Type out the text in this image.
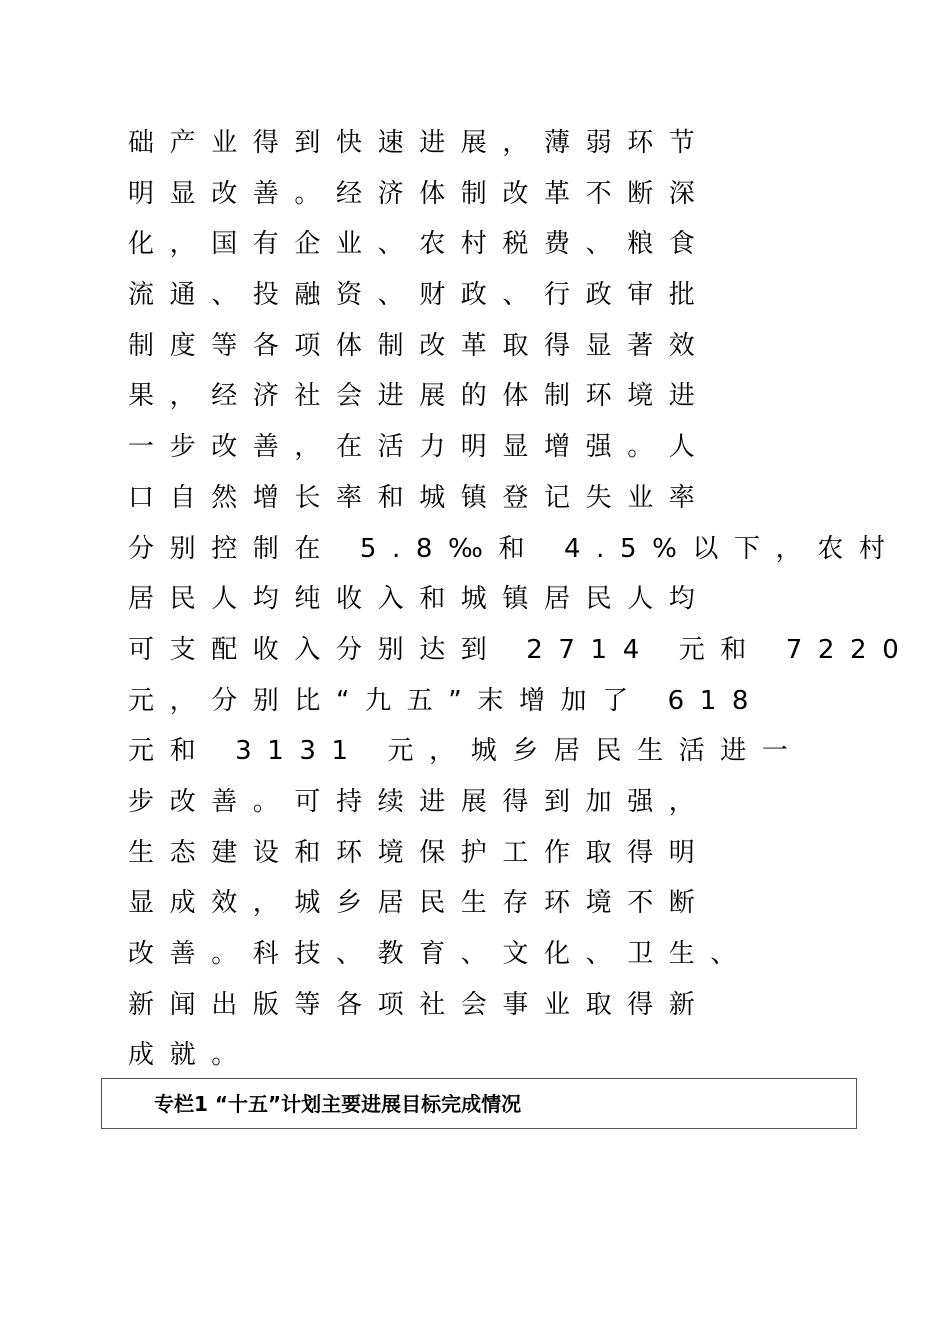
础产业得到快速进展，薄弱环节
明显改善。经济体制改革不断深
化，国有企业、农村税费、粮食
流通、投融资、财政、行政审批
制度等各项体制改革取得显著效
果，经济社会进展的体制环境进
一步改善，在活力明显增强。人
口自然增长率和城镇登记失业率
分别控制在 5.8‰和 4.5%以下，农村
居民人均纯收入和城镇居民人均
可支配收入分别达到 2714 元和 7220
元，分别比“九五”末增加了 618
元和 3131 元，城乡居民生活进一
步改善。可持续进展得到加强，
生态建设和环境保护工作取得明
显成效，城乡居民生存环境不断
改善。科技、教育、文化、卫生、
新闻出版等各项社会事业取得新
成就。
专栏1 “十五”计划主要进展目标完成情况
